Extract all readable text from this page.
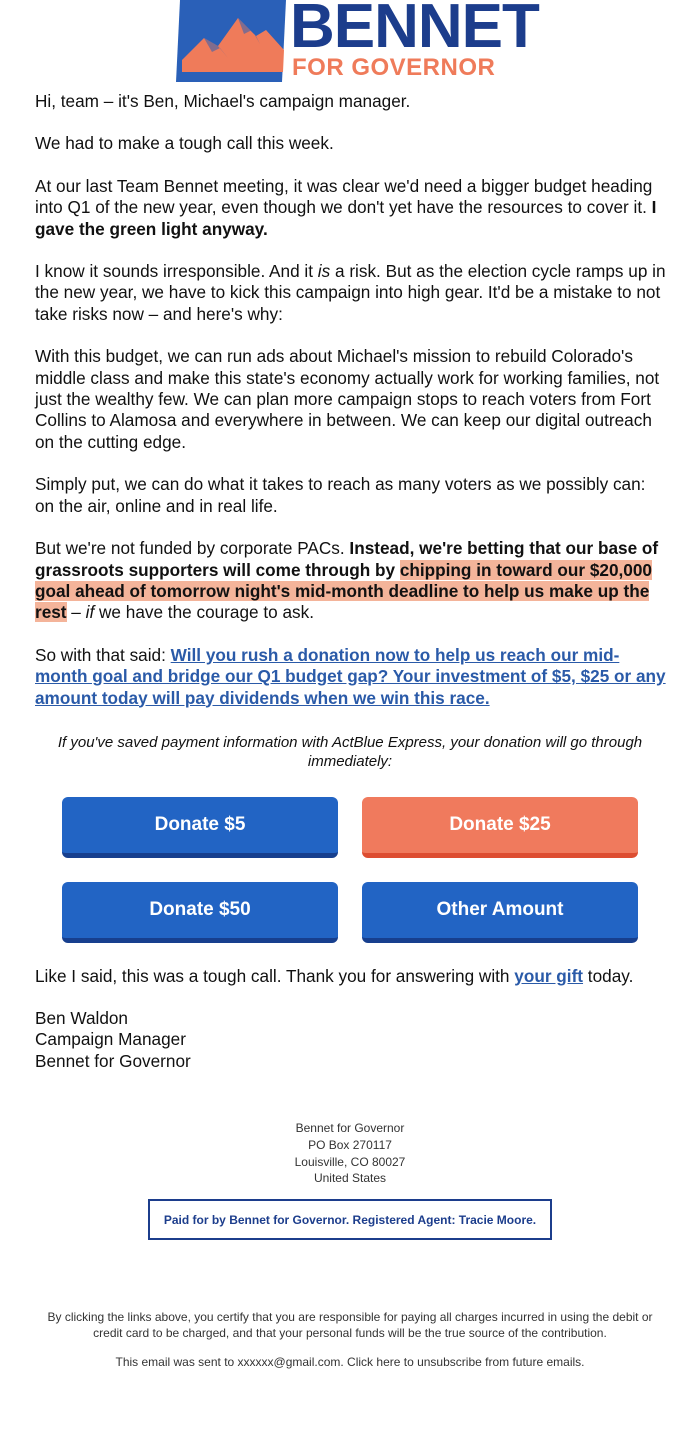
BENNET
FOR GOVERNOR

Hi, team – it's Ben, Michael's campaign manager.

We had to make a tough call this week.

At our last Team Bennet meeting, it was clear we'd need a bigger budget heading into Q1 of the new year, even though we don't yet have the resources to cover it. I gave the green light anyway.

I know it sounds irresponsible. And it is a risk. But as the election cycle ramps up in the new year, we have to kick this campaign into high gear. It'd be a mistake to not take risks now – and here's why:

With this budget, we can run ads about Michael's mission to rebuild Colorado's middle class and make this state's economy actually work for working families, not just the wealthy few. We can plan more campaign stops to reach voters from Fort Collins to Alamosa and everywhere in between. We can keep our digital outreach on the cutting edge.

Simply put, we can do what it takes to reach as many voters as we possibly can: on the air, online and in real life.

But we're not funded by corporate PACs. Instead, we're betting that our base of grassroots supporters will come through by chipping in toward our $20,000 goal ahead of tomorrow night's mid-month deadline to help us make up the rest – if we have the courage to ask.

So with that said: Will you rush a donation now to help us reach our mid-month goal and bridge our Q1 budget gap? Your investment of $5, $25 or any amount today will pay dividends when we win this race.

If you've saved payment information with ActBlue Express, your donation will go through immediately:
Donate $5	Donate $25
Donate $50	Other Amount
Like I said, this was a tough call. Thank you for answering with your gift today.
Ben Waldon
Campaign Manager
Bennet for Governor
Bennet for Governor
PO Box 270117
Louisville, CO 80027
United States
Paid for by Bennet for Governor. Registered Agent: Tracie Moore.
By clicking the links above, you certify that you are responsible for paying all charges incurred in using the debit or credit card to be charged, and that your personal funds will be the true source of the contribution.
This email was sent to xxxxxx@gmail.com. Click here to unsubscribe from future emails.
